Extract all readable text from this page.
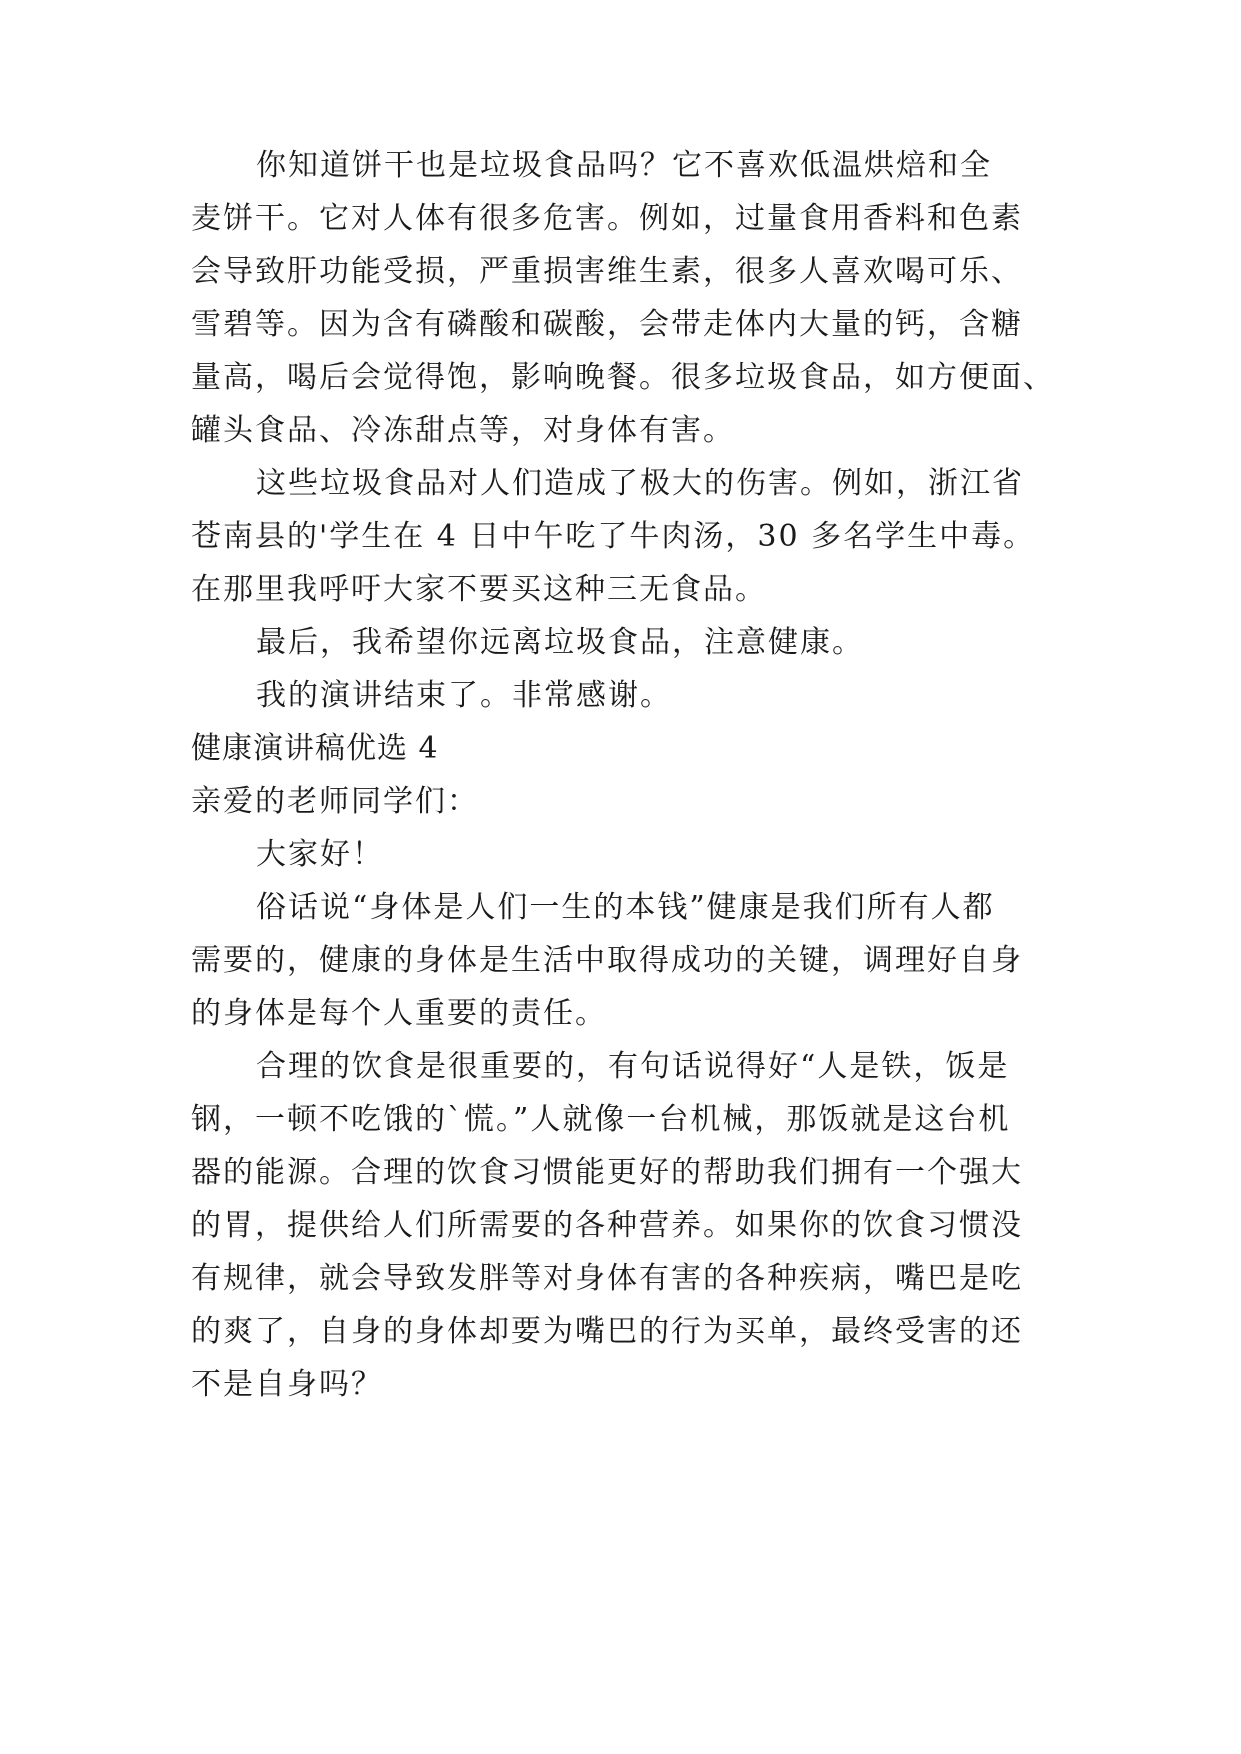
你知道饼干也是垃圾食品吗？它不喜欢低温烘焙和全
麦饼干。它对人体有很多危害。例如，过量食用香料和色素
会导致肝功能受损，严重损害维生素，很多人喜欢喝可乐、
雪碧等。因为含有磷酸和碳酸，会带走体内大量的钙，含糖
量高，喝后会觉得饱，影响晚餐。很多垃圾食品，如方便面、
罐头食品、冷冻甜点等，对身体有害。
这些垃圾食品对人们造成了极大的伤害。例如，浙江省
苍南县的'学生在 4 日中午吃了牛肉汤，30 多名学生中毒。
在那里我呼吁大家不要买这种三无食品。
最后，我希望你远离垃圾食品，注意健康。
我的演讲结束了。非常感谢。
健康演讲稿优选 4
亲爱的老师同学们：
大家好！
俗话说“身体是人们一生的本钱”健康是我们所有人都
需要的，健康的身体是生活中取得成功的关键，调理好自身
的身体是每个人重要的责任。
合理的饮食是很重要的，有句话说得好“人是铁，饭是
钢，一顿不吃饿的`慌。”人就像一台机械，那饭就是这台机
器的能源。合理的饮食习惯能更好的帮助我们拥有一个强大
的胃，提供给人们所需要的各种营养。如果你的饮食习惯没
有规律，就会导致发胖等对身体有害的各种疾病，嘴巴是吃
的爽了，自身的身体却要为嘴巴的行为买单，最终受害的还
不是自身吗？
